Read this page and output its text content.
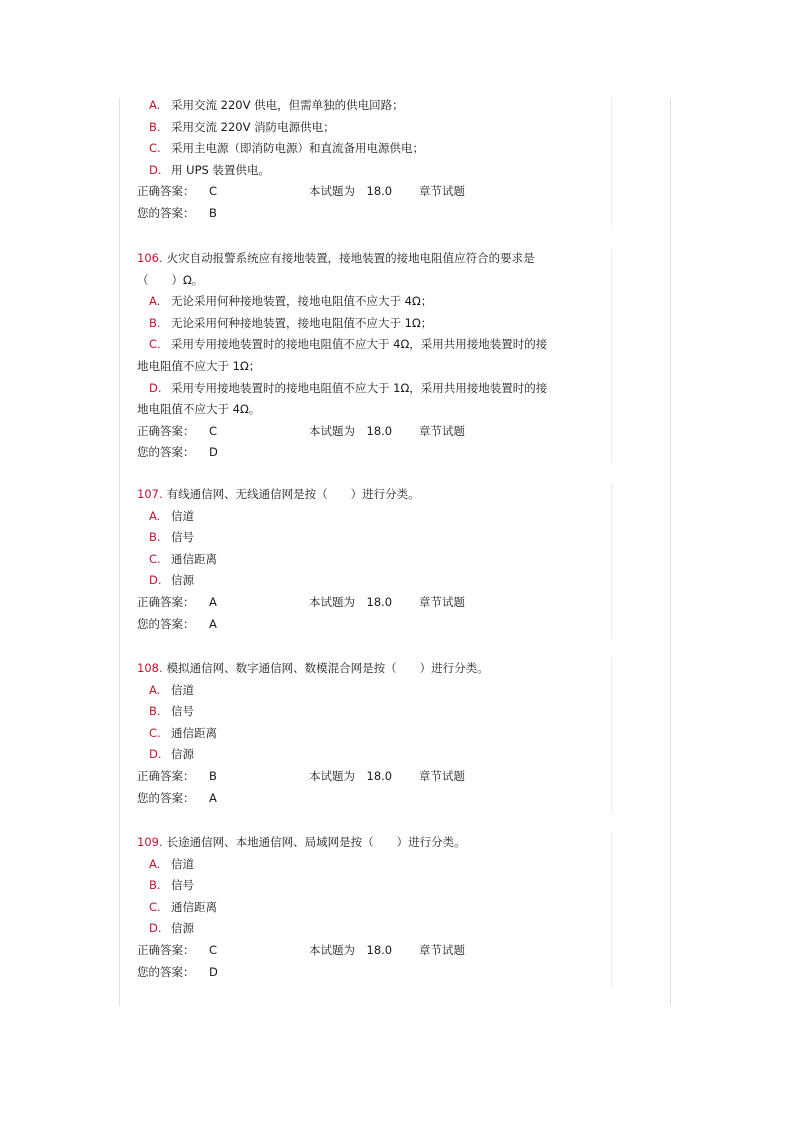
A. 采用交流 220V 供电，但需单独的供电回路；
B. 采用交流 220V 消防电源供电；
C. 采用主电源（即消防电源）和直流备用电源供电；
D. 用 UPS 装置供电。
正确答案：	C	本试题为　18.0	章节试题
您的答案：	B
106. 火灾自动报警系统应有接地装置，接地装置的接地电阻值应符合的要求是
（　　）Ω。
A. 无论采用何种接地装置，接地电阻值不应大于 4Ω；
B. 无论采用何种接地装置，接地电阻值不应大于 1Ω；
C. 采用专用接地装置时的接地电阻值不应大于 4Ω，采用共用接地装置时的接
地电阻值不应大于 1Ω；
D. 采用专用接地装置时的接地电阻值不应大于 1Ω，采用共用接地装置时的接
地电阻值不应大于 4Ω。
正确答案：	C	本试题为　18.0	章节试题
您的答案：	D
107. 有线通信网、无线通信网是按（　　）进行分类。
A. 信道
B. 信号
C. 通信距离
D. 信源
正确答案：	A	本试题为　18.0	章节试题
您的答案：	A
108. 模拟通信网、数字通信网、数模混合网是按（　　）进行分类。
A. 信道
B. 信号
C. 通信距离
D. 信源
正确答案：	B	本试题为　18.0	章节试题
您的答案：	A
109. 长途通信网、本地通信网、局域网是按（　　）进行分类。
A. 信道
B. 信号
C. 通信距离
D. 信源
正确答案：	C	本试题为　18.0	章节试题
您的答案：	D
